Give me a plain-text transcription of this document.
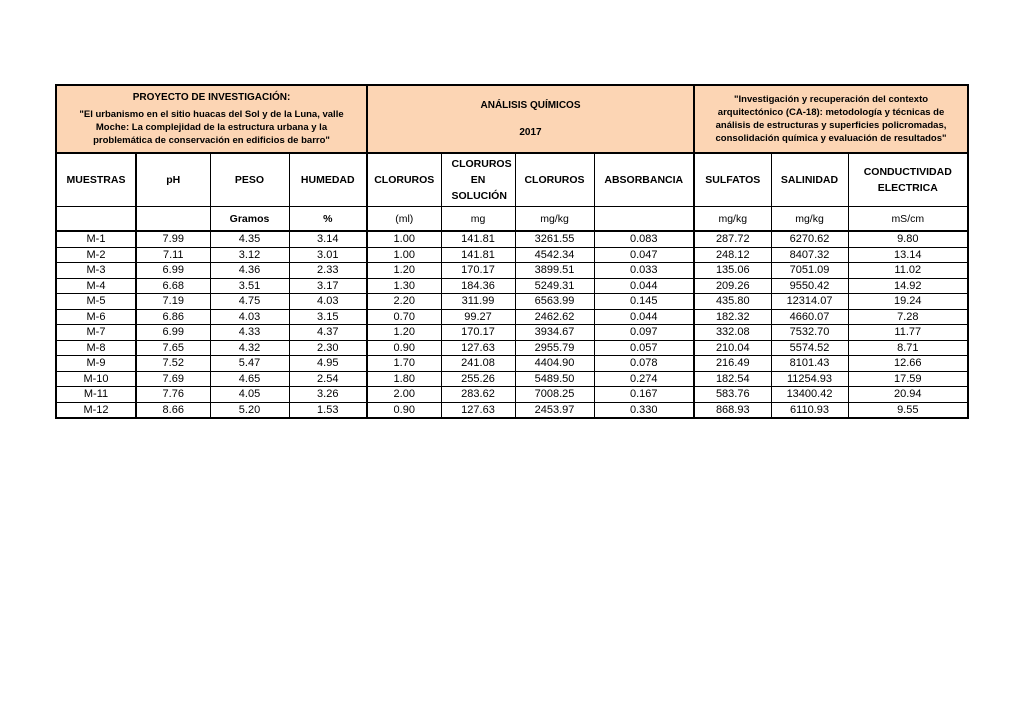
PROYECTO DE INVESTIGACIÓN:
"El urbanismo en el sitio huacas del Sol y de la Luna, valle Moche: La complejidad de la estructura urbana y la problemática de conservación en edificios de barro"				ANÁLISIS QUÍMICOS
2017				"Investigación y recuperación del contexto arquitectónico (CA-18): metodología y técnicas de análisis de estructuras y superficies policromadas, consolidación química y evaluación de resultados"		

MUESTRAS	pH	PESO	HUMEDAD	CLORUROS	CLORUROS EN SOLUCIÓN	CLORUROS	ABSORBANCIA	SULFATOS	SALINIDAD	CONDUCTIVIDAD ELECTRICA
		Gramos	%	(ml)	mg	mg/kg		mg/kg	mg/kg	mS/cm
M-1	7.99	4.35	3.14	1.00	141.81	3261.55	0.083	287.72	6270.62	9.80
M-2	7.11	3.12	3.01	1.00	141.81	4542.34	0.047	248.12	8407.32	13.14
M-3	6.99	4.36	2.33	1.20	170.17	3899.51	0.033	135.06	7051.09	11.02
M-4	6.68	3.51	3.17	1.30	184.36	5249.31	0.044	209.26	9550.42	14.92
M-5	7.19	4.75	4.03	2.20	311.99	6563.99	0.145	435.80	12314.07	19.24
M-6	6.86	4.03	3.15	0.70	99.27	2462.62	0.044	182.32	4660.07	7.28
M-7	6.99	4.33	4.37	1.20	170.17	3934.67	0.097	332.08	7532.70	11.77
M-8	7.65	4.32	2.30	0.90	127.63	2955.79	0.057	210.04	5574.52	8.71
M-9	7.52	5.47	4.95	1.70	241.08	4404.90	0.078	216.49	8101.43	12.66
M-10	7.69	4.65	2.54	1.80	255.26	5489.50	0.274	182.54	11254.93	17.59
M-11	7.76	4.05	3.26	2.00	283.62	7008.25	0.167	583.76	13400.42	20.94
M-12	8.66	5.20	1.53	0.90	127.63	2453.97	0.330	868.93	6110.93	9.55
